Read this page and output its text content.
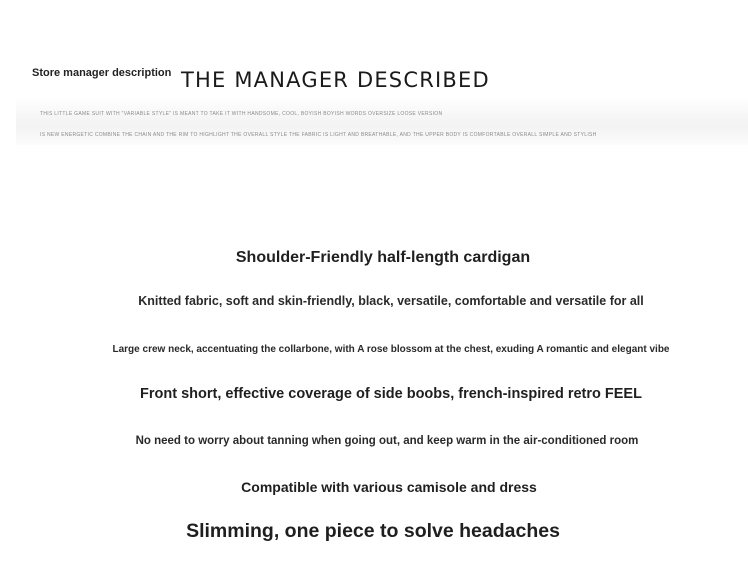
Store manager description THE MANAGER DESCRIBED
THIS LITTLE GAME SUIT WITH "VARIABLE STYLE" IS MEANT TO TAKE IT WITH HANDSOME, COOL, BOYISH BOYISH WORDS OVERSIZE LOOSE VERSION
IS NEW ENERGETIC COMBINE THE CHAIN AND THE RIM TO HIGHLIGHT THE OVERALL STYLE THE FABRIC IS LIGHT AND BREATHABLE, AND THE UPPER BODY IS COMFORTABLE OVERALL SIMPLE AND STYLISH
Shoulder-Friendly half-length cardigan
Knitted fabric, soft and skin-friendly, black, versatile, comfortable and versatile for all
Large crew neck, accentuating the collarbone, with A rose blossom at the chest, exuding A romantic and elegant vibe
Front short, effective coverage of side boobs, french-inspired retro FEEL
No need to worry about tanning when going out, and keep warm in the air-conditioned room
Compatible with various camisole and dress
Slimming, one piece to solve headaches
